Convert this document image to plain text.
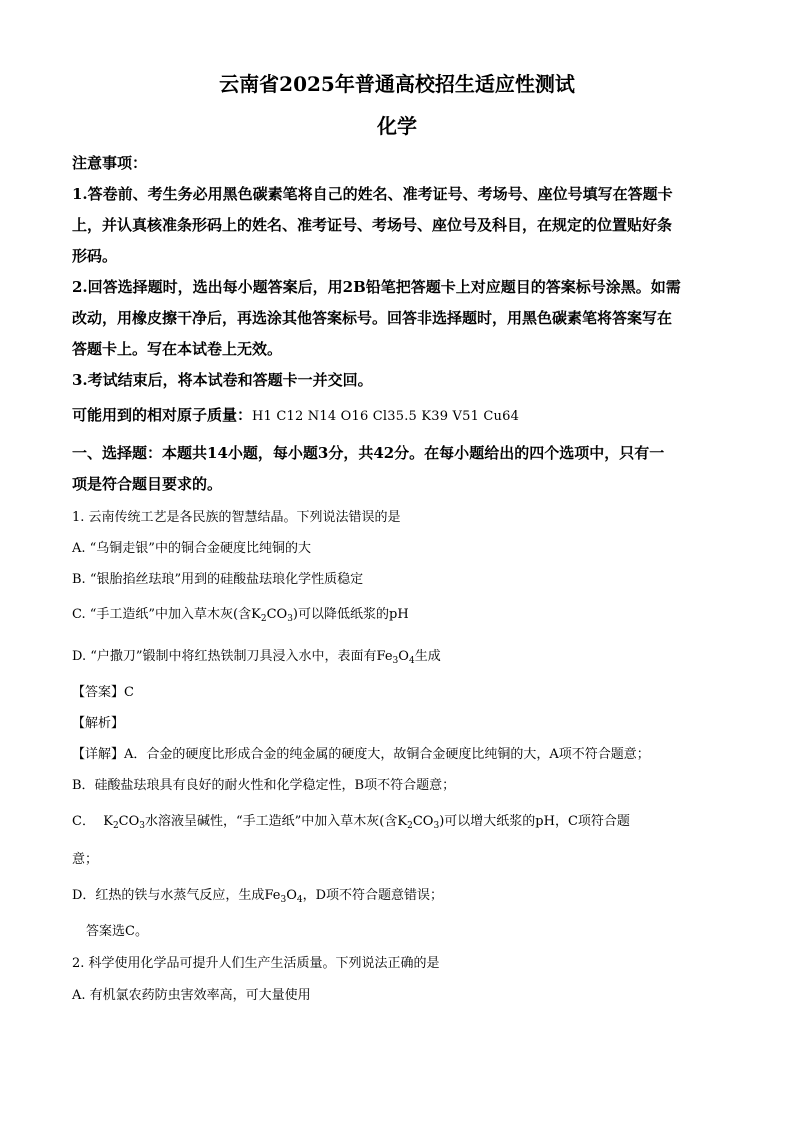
云南省2025年普通高校招生适应性测试
化学
注意事项：
1.答卷前、考生务必用黑色碳素笔将自己的姓名、准考证号、考场号、座位号填写在答题卡
上，并认真核准条形码上的姓名、准考证号、考场号、座位号及科目，在规定的位置贴好条
形码。
2.回答选择题时，选出每小题答案后，用2B铅笔把答题卡上对应题目的答案标号涂黑。如需
改动，用橡皮擦干净后，再选涂其他答案标号。回答非选择题时，用黑色碳素笔将答案写在
答题卡上。写在本试卷上无效。
3.考试结束后，将本试卷和答题卡一并交回。
可能用到的相对原子质量：H1 C12 N14 O16 Cl35.5 K39 V51 Cu64
一、选择题：本题共14小题，每小题3分，共42分。在每小题给出的四个选项中，只有一
项是符合题目要求的。
1. 云南传统工艺是各民族的智慧结晶。下列说法错误的是
A. “乌铜走银”中的铜合金硬度比纯铜的大
B. “银胎掐丝珐琅”用到的硅酸盐珐琅化学性质稳定
C. “手工造纸”中加入草木灰(含$K_2CO_3$)可以降低纸浆的pH
D. “户撒刀”锻制中将红热铁制刀具浸入水中，表面有$Fe_3O_4$生成
【答案】C
【解析】
【详解】A．合金的硬度比形成合金的纯金属的硬度大，故铜合金硬度比纯铜的大，A项不符合题意；
B．硅酸盐珐琅具有良好的耐火性和化学稳定性，B项不符合题意；
C． $K_2CO_3$水溶液呈碱性，“手工造纸”中加入草木灰(含$K_2CO_3$)可以增大纸浆的pH，C项符合题
意；
D．红热的铁与水蒸气反应，生成$Fe_3O_4$，D项不符合题意错误；
答案选C。
2. 科学使用化学品可提升人们生产生活质量。下列说法正确的是
A. 有机氯农药防虫害效率高，可大量使用
